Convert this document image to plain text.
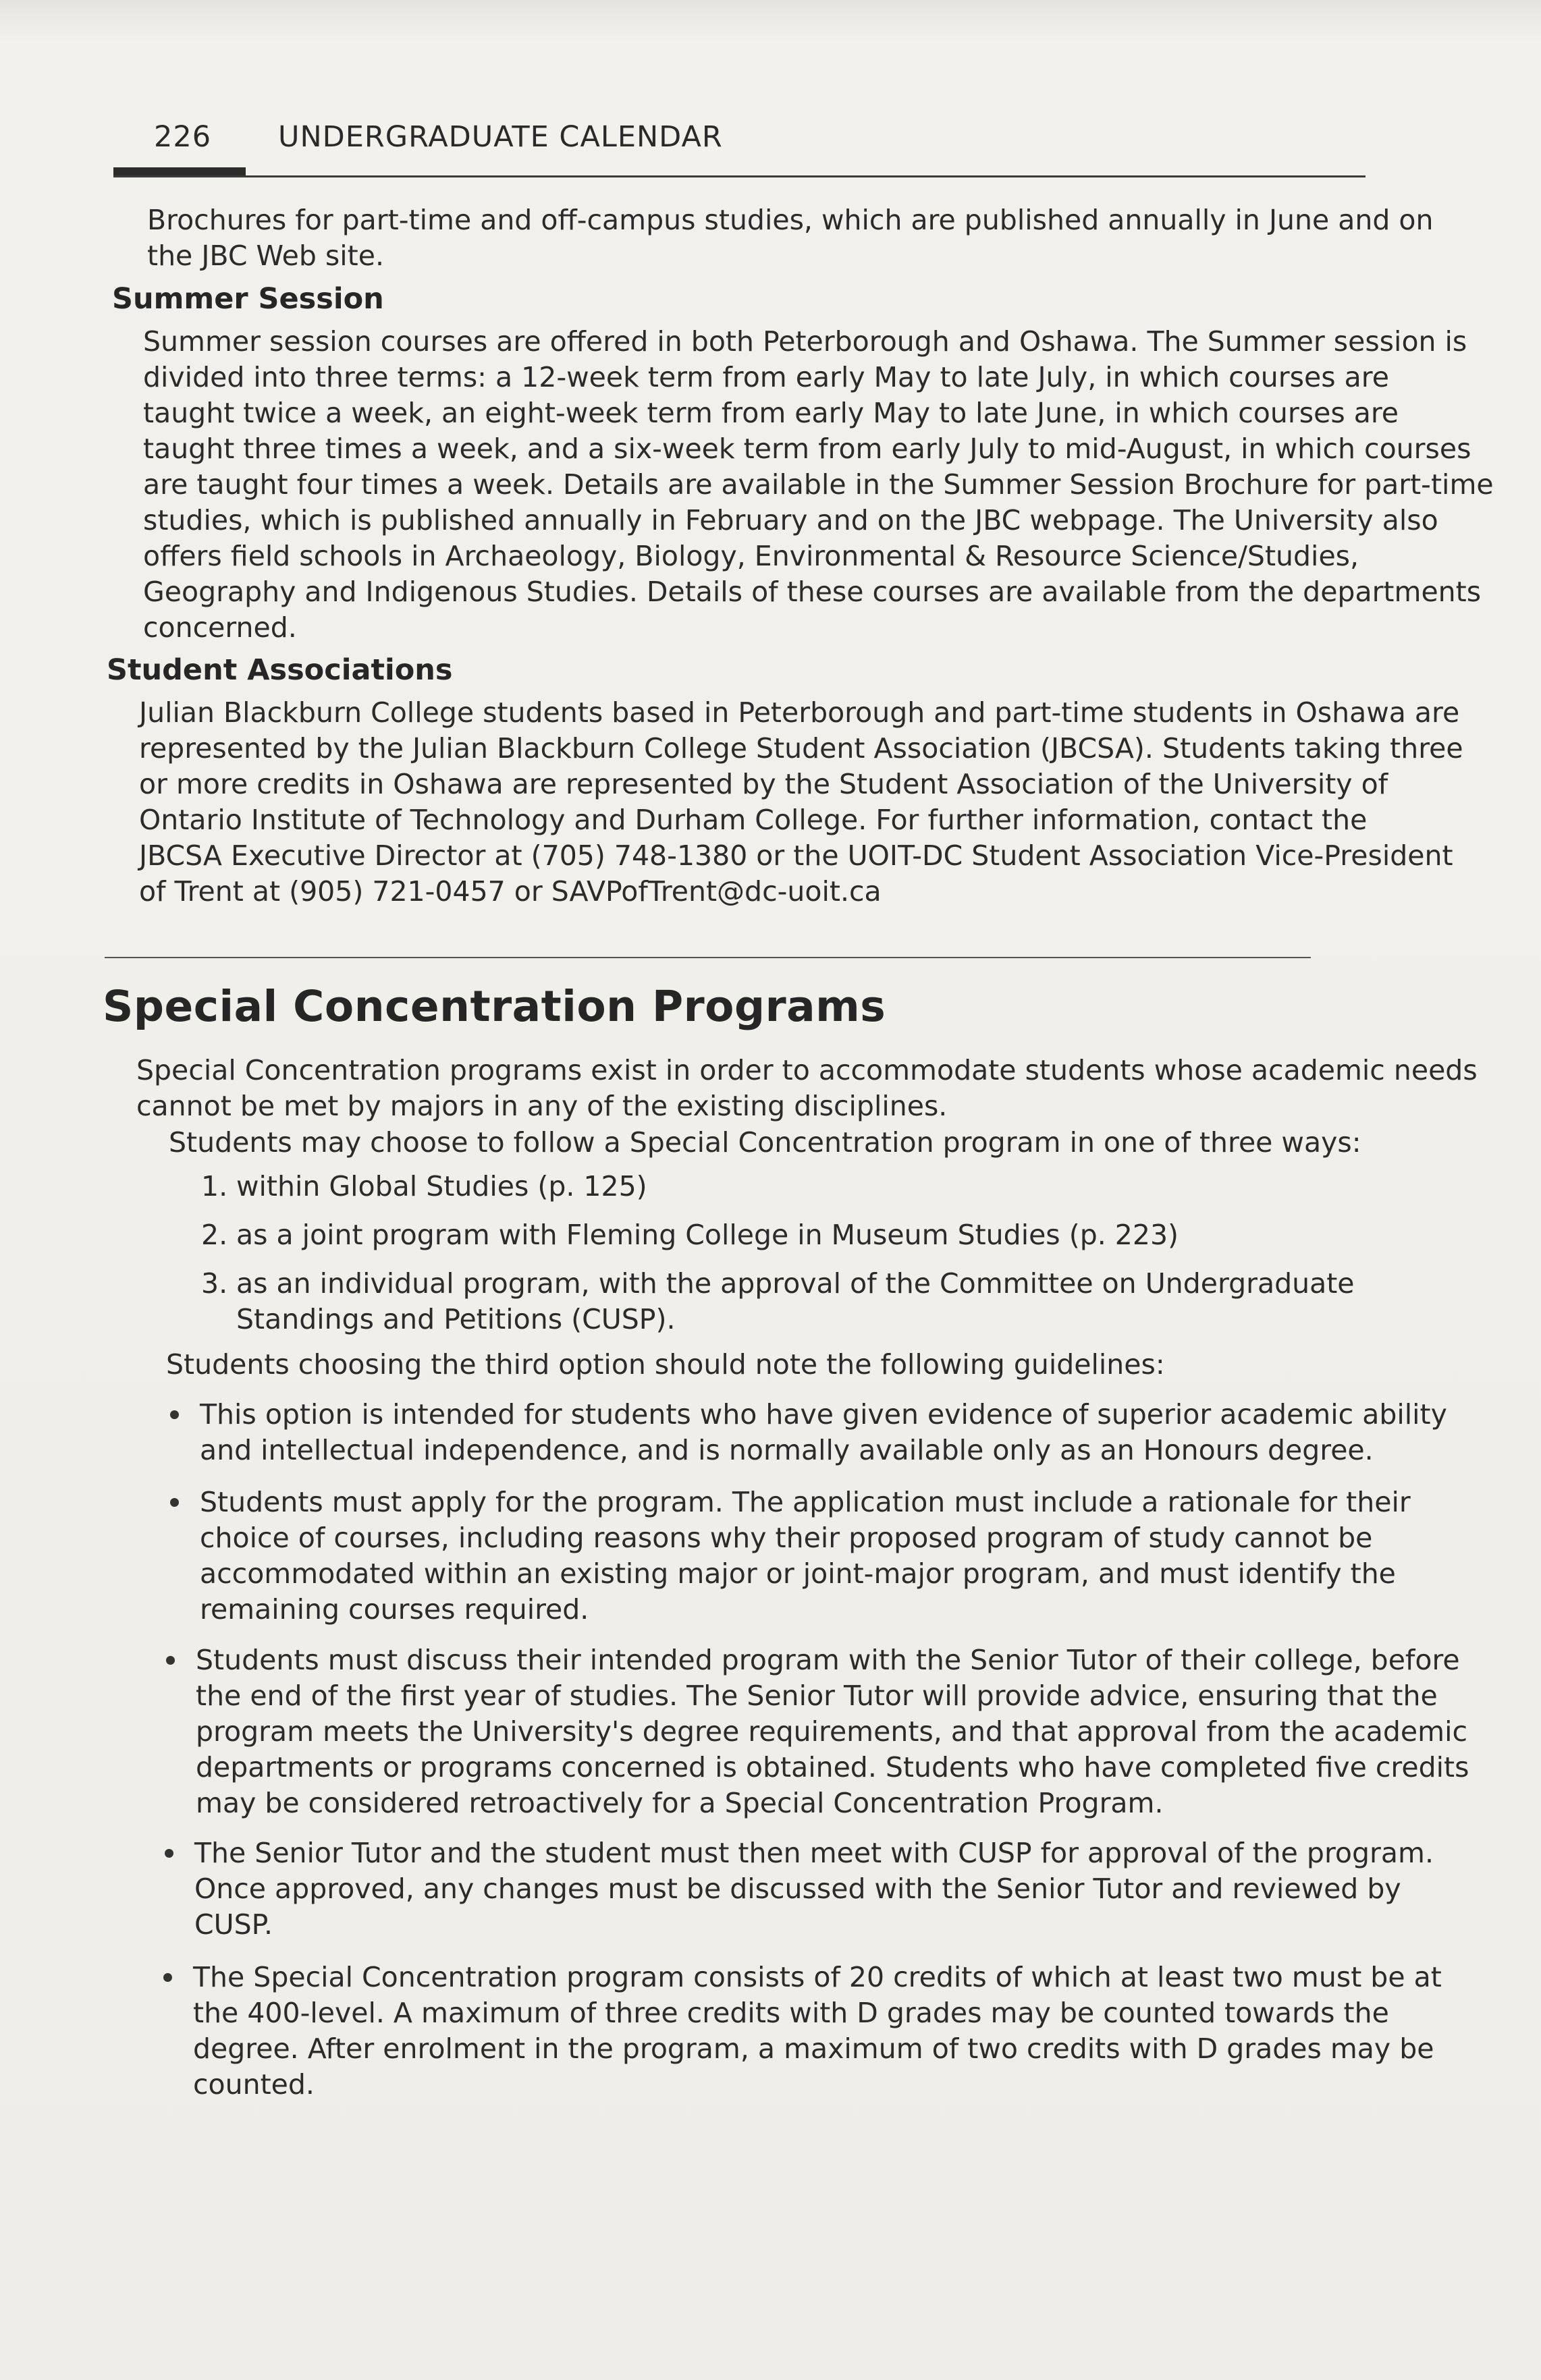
226 UNDERGRADUATE CALENDAR
Brochures for part-time and off-campus studies, which are published annually in June and on
the JBC Web site.
Summer Session
Summer session courses are offered in both Peterborough and Oshawa. The Summer session is
divided into three terms: a 12-week term from early May to late July, in which courses are
taught twice a week, an eight-week term from early May to late June, in which courses are
taught three times a week, and a six-week term from early July to mid-August, in which courses
are taught four times a week. Details are available in the Summer Session Brochure for part-time
studies, which is published annually in February and on the JBC webpage. The University also
offers field schools in Archaeology, Biology, Environmental & Resource Science/Studies,
Geography and Indigenous Studies. Details of these courses are available from the departments
concerned.
Student Associations
Julian Blackburn College students based in Peterborough and part-time students in Oshawa are
represented by the Julian Blackburn College Student Association (JBCSA). Students taking three
or more credits in Oshawa are represented by the Student Association of the University of
Ontario Institute of Technology and Durham College. For further information, contact the
JBCSA Executive Director at (705) 748-1380 or the UOIT-DC Student Association Vice-President
of Trent at (905) 721-0457 or SAVPofTrent@dc-uoit.ca
Special Concentration Programs
Special Concentration programs exist in order to accommodate students whose academic needs
cannot be met by majors in any of the existing disciplines.
Students may choose to follow a Special Concentration program in one of three ways:
1. within Global Studies (p. 125)
2. as a joint program with Fleming College in Museum Studies (p. 223)
3. as an individual program, with the approval of the Committee on Undergraduate
Standings and Petitions (CUSP).
Students choosing the third option should note the following guidelines:
This option is intended for students who have given evidence of superior academic ability
and intellectual independence, and is normally available only as an Honours degree.
Students must apply for the program. The application must include a rationale for their
choice of courses, including reasons why their proposed program of study cannot be
accommodated within an existing major or joint-major program, and must identify the
remaining courses required.
Students must discuss their intended program with the Senior Tutor of their college, before
the end of the first year of studies. The Senior Tutor will provide advice, ensuring that the
program meets the University's degree requirements, and that approval from the academic
departments or programs concerned is obtained. Students who have completed five credits
may be considered retroactively for a Special Concentration Program.
The Senior Tutor and the student must then meet with CUSP for approval of the program.
Once approved, any changes must be discussed with the Senior Tutor and reviewed by
CUSP.
The Special Concentration program consists of 20 credits of which at least two must be at
the 400-level. A maximum of three credits with D grades may be counted towards the
degree. After enrolment in the program, a maximum of two credits with D grades may be
counted.
